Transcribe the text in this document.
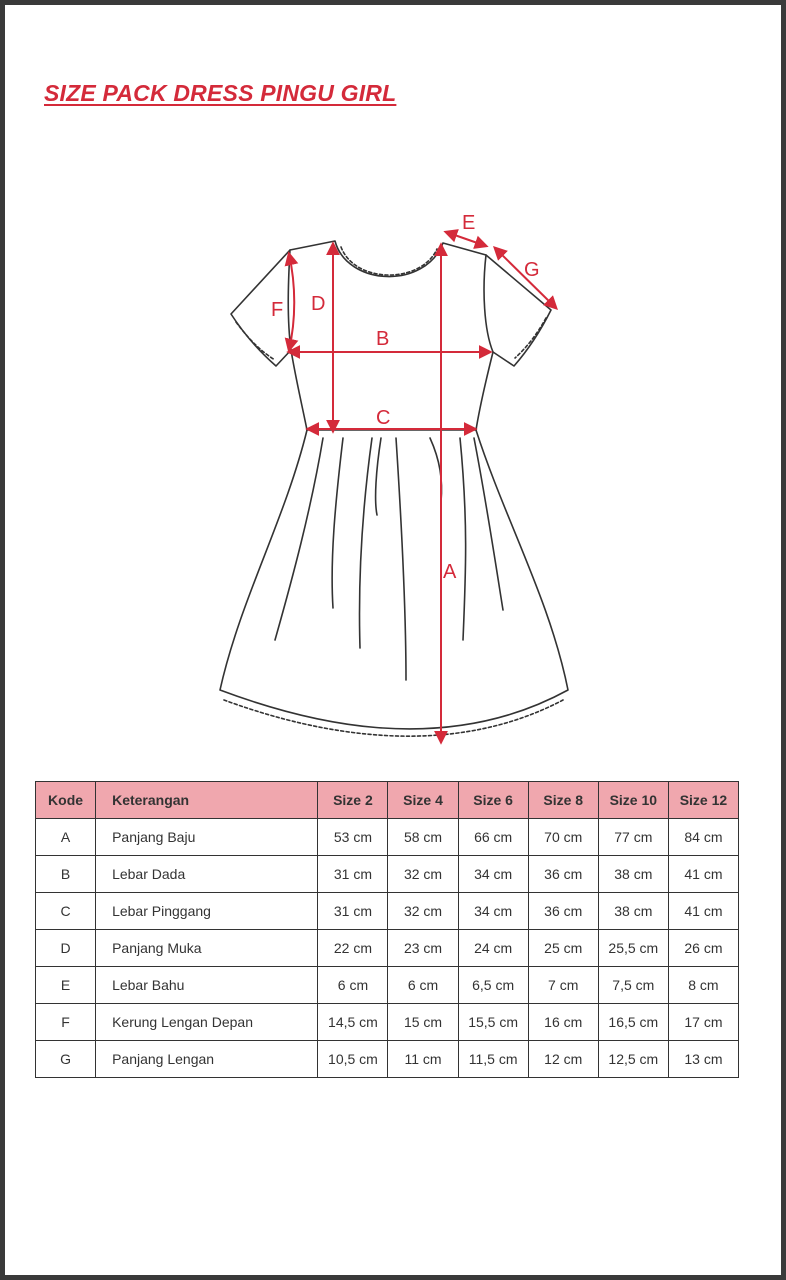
SIZE PACK DRESS PINGU GIRL
A
B
C
D
E
F
G
Kode	Keterangan	Size 2	Size 4	Size 6	Size 8	Size 10	Size 12
A	Panjang Baju	53 cm	58 cm	66 cm	70 cm	77 cm	84 cm
B	Lebar Dada	31 cm	32 cm	34 cm	36 cm	38 cm	41 cm
C	Lebar Pinggang	31 cm	32 cm	34 cm	36 cm	38 cm	41 cm
D	Panjang Muka	22 cm	23 cm	24 cm	25 cm	25,5 cm	26 cm
E	Lebar Bahu	6 cm	6 cm	6,5 cm	7 cm	7,5 cm	8 cm
F	Kerung Lengan Depan	14,5 cm	15 cm	15,5 cm	16 cm	16,5 cm	17 cm
G	Panjang Lengan	10,5 cm	11 cm	11,5 cm	12 cm	12,5 cm	13 cm
